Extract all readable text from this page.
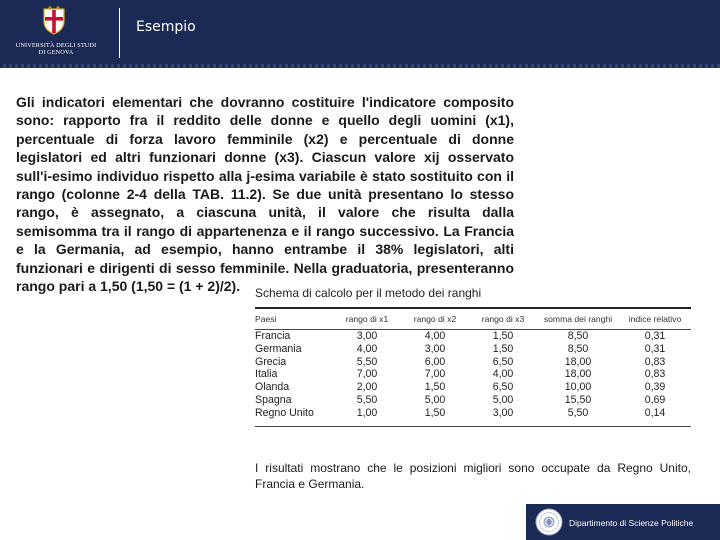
UNIVERSITÀ DEGLI STUDI
DI GENOVA
Esempio

Gli indicatori elementari che dovranno costituire l'indicatore composito sono: rapporto fra il reddito delle donne e quello degli uomini (x1), percentuale di forza lavoro femminile (x2) e percentuale di donne legislatori ed altri funzionari donne (x3). Ciascun valore xij osservato sull'i-esimo individuo rispetto alla j-esima variabile è stato sostituito con il rango (colonne 2-4 della TAB. 11.2). Se due unità presentano lo stesso rango, è assegnato, a ciascuna unità, il valore che risulta dalla semisomma tra il rango di appartenenza e il rango successivo. La Francia e la Germania, ad esempio, hanno entrambe il 38% legislatori, alti funzionari e dirigenti di sesso femminile. Nella graduatoria, presenteranno rango pari a 1,50 (1,50 = (1 + 2)/2).	Schema di calcolo per il metodo dei ranghi
Paesi	rango di x1	rango di x2	rango di x3	somma dei ranghi	indice relativo

Francia	3,00	4,00	1,50	8,50	0,31
Germania	4,00	3,00	1,50	8,50	0,31
Grecia	5,50	6,00	6,50	18,00	0,83
Italia	7,00	7,00	4,00	18,00	0,83
Olanda	2,00	1,50	6,50	10,00	0,39
Spagna	5,50	5,00	5,00	15,50	0,69
Regno Unito	1,00	1,50	3,00	5,50	0,14
I risultati mostrano che le posizioni migliori sono occupate da Regno Unito, Francia e Germania.
Dipartimento di Scienze Politiche
